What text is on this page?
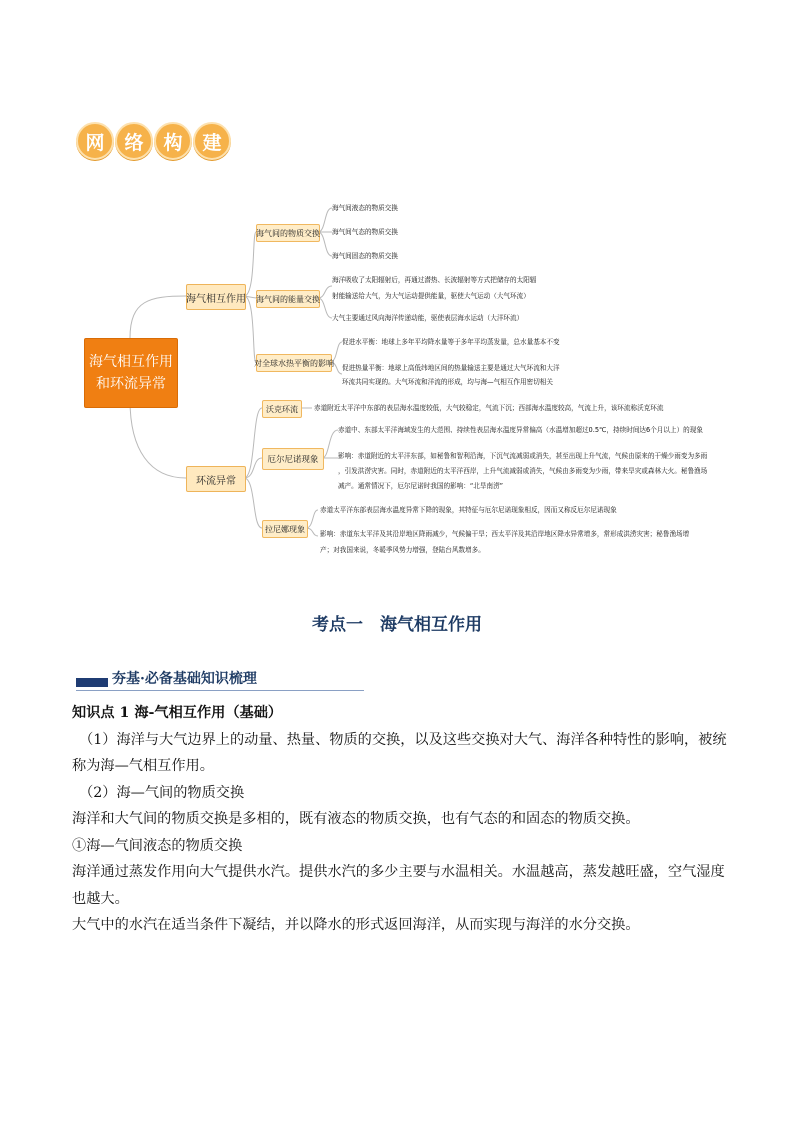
网	络	构	建
海气相互作用
和环流异常
海气相互作用
海气间的物质交换
海气间液态的物质交换
海气间气态的物质交换
海气间固态的物质交换
海气间的能量交换
海洋吸收了太阳辐射后，再通过潜热、长波辐射等方式把储存的太阳辐
射能输送给大气，为大气运动提供能量，驱使大气运动（大气环流）
大气主要通过风向海洋传递动能，驱使表层海水运动（大洋环流）
对全球水热平衡的影响
促进水平衡：地球上多年平均降水量等于多年平均蒸发量，总水量基本不变
促进热量平衡：地球上高低纬地区间的热量输送主要是通过大气环流和大洋
环流共同实现的。大气环流和洋流的形成，均与海—气相互作用密切相关
环流异常
沃克环流	赤道附近太平洋中东部的表层海水温度较低，大气较稳定，气流下沉；西部海水温度较高，气流上升，该环流称沃克环流
厄尔尼诺现象
赤道中、东部太平洋海域发生的大范围、持续性表层海水温度异常偏高（水温增加超过0.5℃，持续时间达6个月以上）的现象
影响：赤道附近的太平洋东部，如秘鲁和智利沿海，下沉气流减弱或消失，甚至出现上升气流，气候由原来的干燥少雨变为多雨
，引发洪涝灾害。同时，赤道附近的太平洋西岸，上升气流减弱或消失，气候由多雨变为少雨，带来旱灾或森林大火。秘鲁渔场
减产。通常情况下，厄尔尼诺时我国的影响：“北旱南涝”
拉尼娜现象
赤道太平洋东部表层海水温度异常下降的现象，其特征与厄尔尼诺现象相反，因而又称反厄尔尼诺现象
影响：赤道东太平洋及其沿岸地区降雨减少，气候偏干旱；西太平洋及其沿岸地区降水异常增多，常形成洪涝灾害；秘鲁渔场增
产；对我国来说，冬暖季风势力增强，登陆台风数增多。
考点一　海气相互作用
夯基·必备基础知识梳理

知识点 1 海-气相互作用（基础）

（1）海洋与大气边界上的动量、热量、物质的交换，以及这些交换对大气、海洋各种特性的影响，被统称为海—气相互作用。

（2）海—气间的物质交换

海洋和大气间的物质交换是多相的，既有液态的物质交换，也有气态的和固态的物质交换。

①海—气间液态的物质交换

海洋通过蒸发作用向大气提供水汽。提供水汽的多少主要与水温相关。水温越高，蒸发越旺盛，空气湿度也越大。

大气中的水汽在适当条件下凝结，并以降水的形式返回海洋，从而实现与海洋的水分交换。
